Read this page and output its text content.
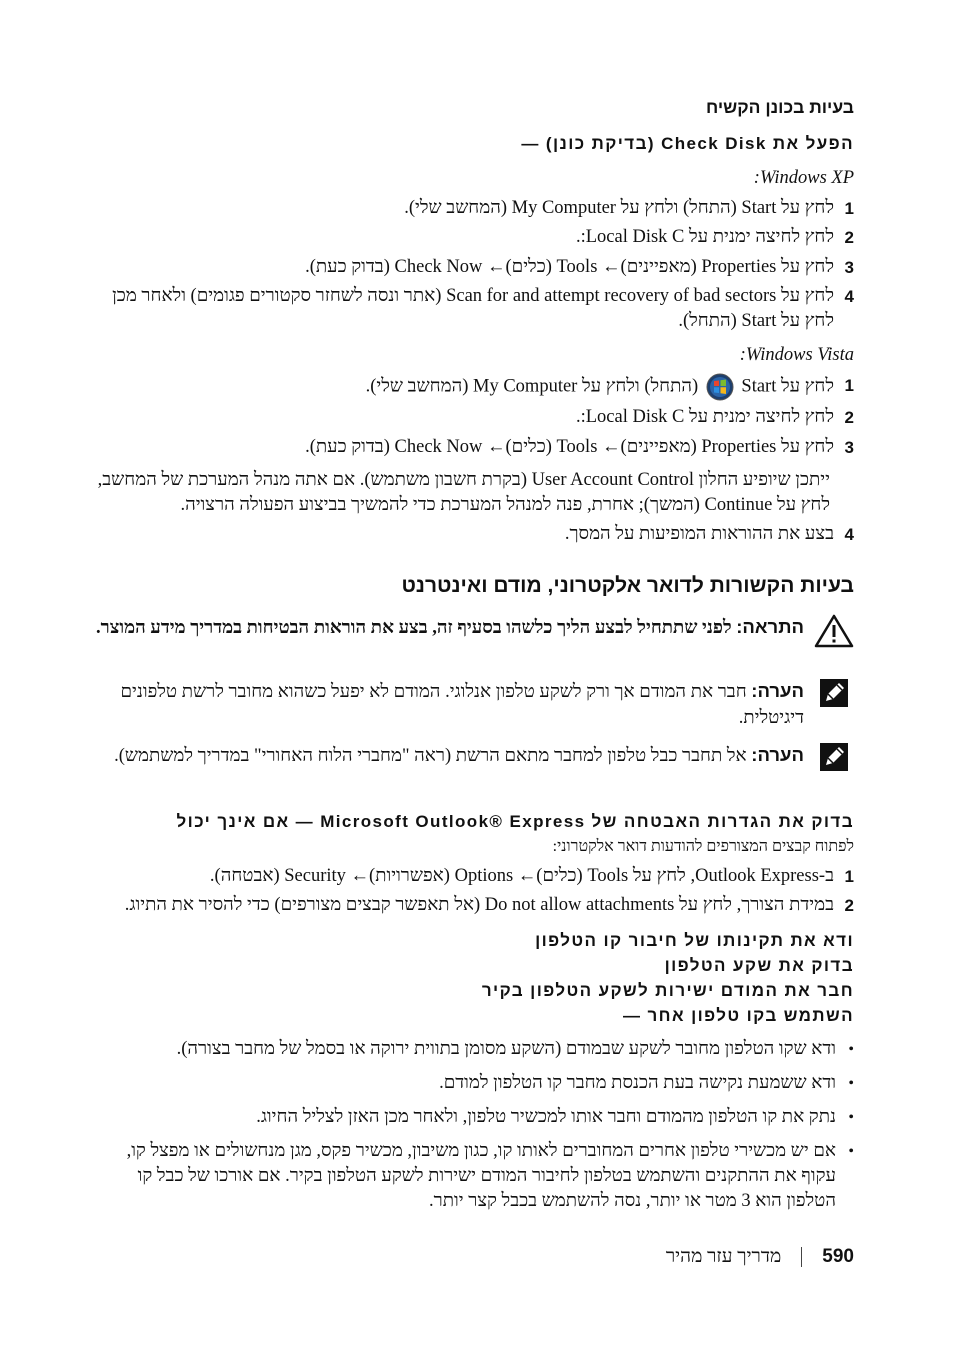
בעיות בכונן הקשיח
הפעל את Check Disk (בדיקת כונן) —
Windows XP:
1
לחץ על Start (התחל) ולחץ על My Computer (המחשב שלי).
2
לחץ לחיצה ימנית על Local Disk C:.
3
לחץ על Properties (מאפיינים)← Tools (כלים)← Check Now (בדוק כעת).
4
לחץ על Scan for and attempt recovery of bad sectors (אתר ונסה לשחזר סקטורים פגומים) ולאחר מכן לחץ על Start (התחל).
Windows Vista:
1
לחץ על Start  (התחל) ולחץ על My Computer (המחשב שלי).
2
לחץ לחיצה ימנית על Local Disk C:.
3
לחץ על Properties (מאפיינים)← Tools (כלים)← Check Now (בדוק כעת).
ייתכן שיופיע החלון User Account Control (בקרת חשבון משתמש). אם אתה מנהל המערכת של המחשב, לחץ על Continue (המשך); אחרת, פנה למנהל המערכת כדי להמשיך בביצוע הפעולה הרצויה.
4
בצע את ההוראות המופיעות על המסך.
בעיות הקשורות לדואר אלקטרוני, מודם ואינטרנט
התראה: לפני שתתחיל לבצע הליך כלשהו בסעיף זה, בצע את הוראות הבטיחות במדריך מידע המוצר.
הערה: חבר את המודם אך ורק לשקע טלפון אנלוגי. המודם לא יפעל כשהוא מחובר לרשת טלפונים דיגיטלית.
הערה: אל תחבר כבל טלפון למחבר מתאם הרשת (ראה "מחברי הלוח האחורי" במדריך למשתמש).
בדוק את הגדרות האבטחה של Microsoft Outlook® Express — אם אינך יכול
לפתוח קבצים המצורפים להודעות דואר אלקטרוני:
1
ב-Outlook Express, לחץ על Tools (כלים)← Options (אפשרויות)← Security (אבטחה).
2
במידת הצורך, לחץ על Do not allow attachments (אל תאפשר קבצים מצורפים) כדי להסיר את התיוג.
ודא את תקינותו של חיבור קו הטלפון
בדוק את שקע הטלפון
חבר את המודם ישירות לשקע הטלפון בקיר
השתמש בקו טלפון אחר —
•
ודא שקו הטלפון מחובר לשקע שבמודם (השקע מסומן בתווית ירוקה או בסמל של מחבר בצורה).
•
ודא ששמעת נקישה בעת הכנסת מחבר קו הטלפון למודם.
•
נתק את קו הטלפון מהמודם וחבר אותו למכשיר טלפון, ולאחר מכן האזן לצליל החיוג.
•
אם יש מכשירי טלפון אחרים המחוברים לאותו קו, כגון משיבון, מכשיר פקס, מגן מנחשולים או מפצל קו, עקוף את ההתקנים והשתמש בטלפון לחיבור המודם ישירות לשקע הטלפון בקיר. אם אורכו של כבל קו הטלפון הוא 3 מטר או יותר, נסה להשתמש בכבל קצר יותר.
590
מדריך עזר מהיר
